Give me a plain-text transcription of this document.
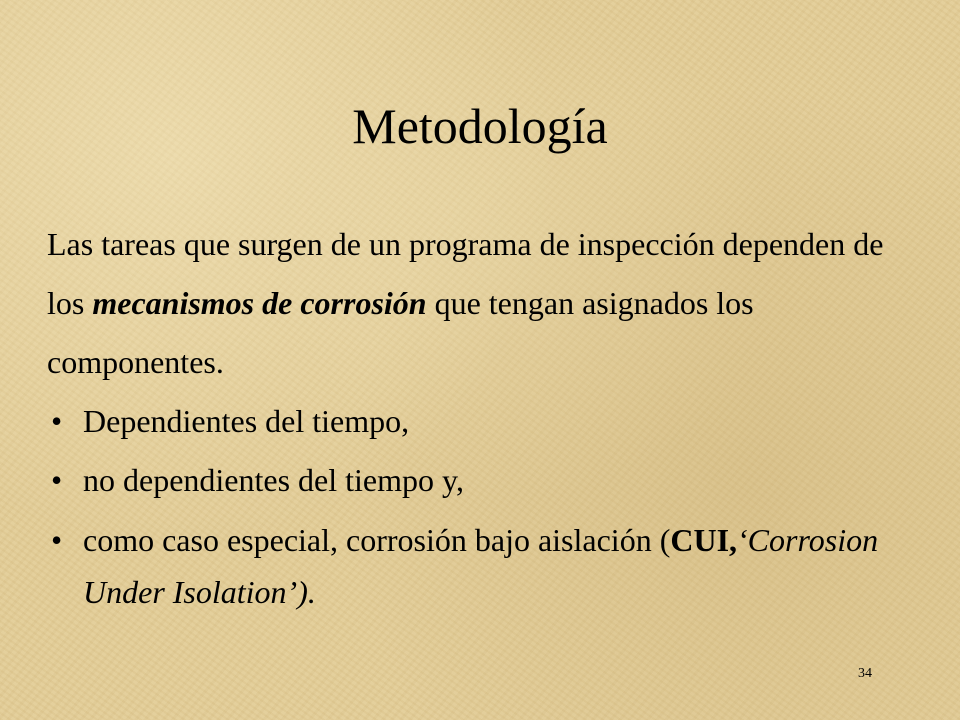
Metodología
Las tareas que surgen de un programa de inspección dependen de los mecanismos de corrosión que tengan asignados los componentes.
• Dependientes del tiempo,
• no dependientes del tiempo y,
• como caso especial, corrosión bajo aislación (CUI,‘Corrosion Under Isolation’).
34
